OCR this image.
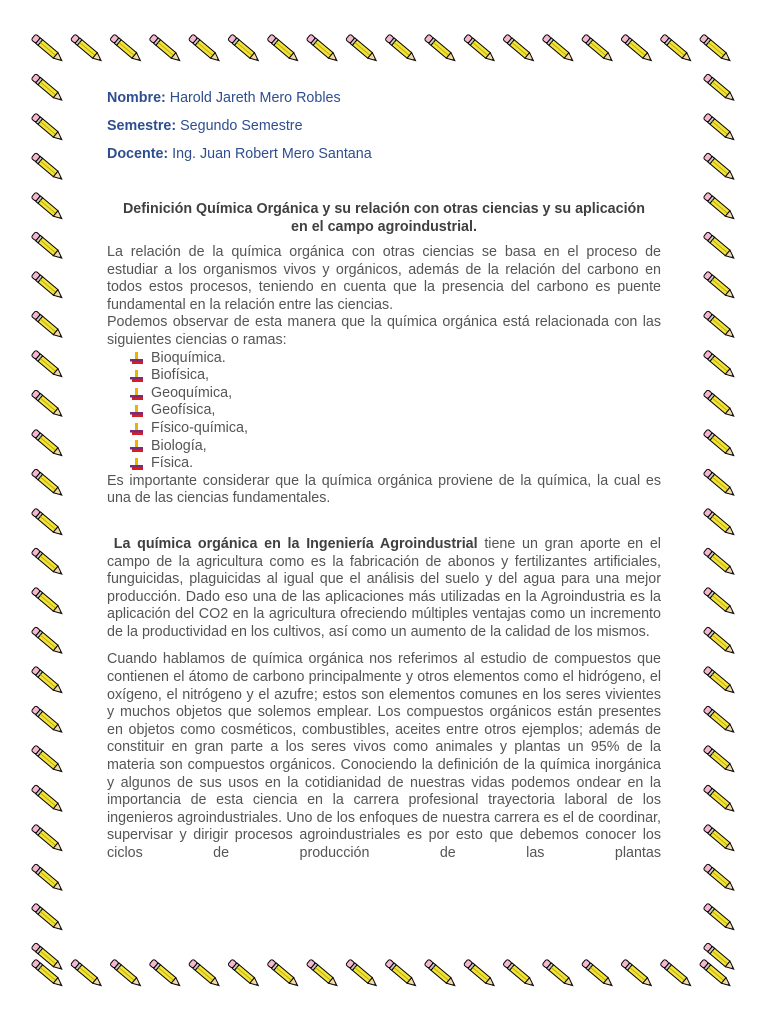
Nombre: Harold Jareth Mero Robles
Semestre: Segundo Semestre
Docente: Ing. Juan Robert Mero Santana
Definición Química Orgánica y su relación con otras ciencias y su aplicación
en el campo agroindustrial.

La relación de la química orgánica con otras ciencias se basa en el proceso de estudiar a los organismos vivos y orgánicos, además de la relación del carbono en todos estos procesos, teniendo en cuenta que la presencia del carbono es puente fundamental en la relación entre las ciencias.

Podemos observar de esta manera que la química orgánica está relacionada con las siguientes ciencias o ramas:

Bioquímica.
Biofísica,
Geoquímica,
Geofísica,
Físico-química,
Biología,
Física.

Es importante considerar que la química orgánica proviene de la química, la cual es una de las ciencias fundamentales.

La química orgánica en la Ingeniería Agroindustrial tiene un gran aporte en el campo de la agricultura como es la fabricación de abonos y fertilizantes artificiales, funguicidas, plaguicidas al igual que el análisis del suelo y del agua para una mejor producción. Dado eso una de las aplicaciones más utilizadas en la Agroindustria es la aplicación del CO2 en la agricultura ofreciendo múltiples ventajas como un incremento de la productividad en los cultivos, así como un aumento de la calidad de los mismos.

Cuando hablamos de química orgánica nos referimos al estudio de compuestos que contienen el átomo de carbono principalmente y otros elementos como el hidrógeno, el oxígeno, el nitrógeno y el azufre; estos son elementos comunes en los seres vivientes y muchos objetos que solemos emplear. Los compuestos orgánicos están presentes en objetos como cosméticos, combustibles, aceites entre otros ejemplos; además de constituir en gran parte a los seres vivos como animales y plantas un 95% de la materia son compuestos orgánicos. Conociendo la definición de la química inorgánica y algunos de sus usos en la cotidianidad de nuestras vidas podemos ondear en la importancia de esta ciencia en la carrera profesional trayectoria laboral de los ingenieros agroindustriales. Uno de los enfoques de nuestra carrera es el de coordinar, supervisar y dirigir procesos agroindustriales es por esto que debemos conocer los ciclos de producción de las plantas
